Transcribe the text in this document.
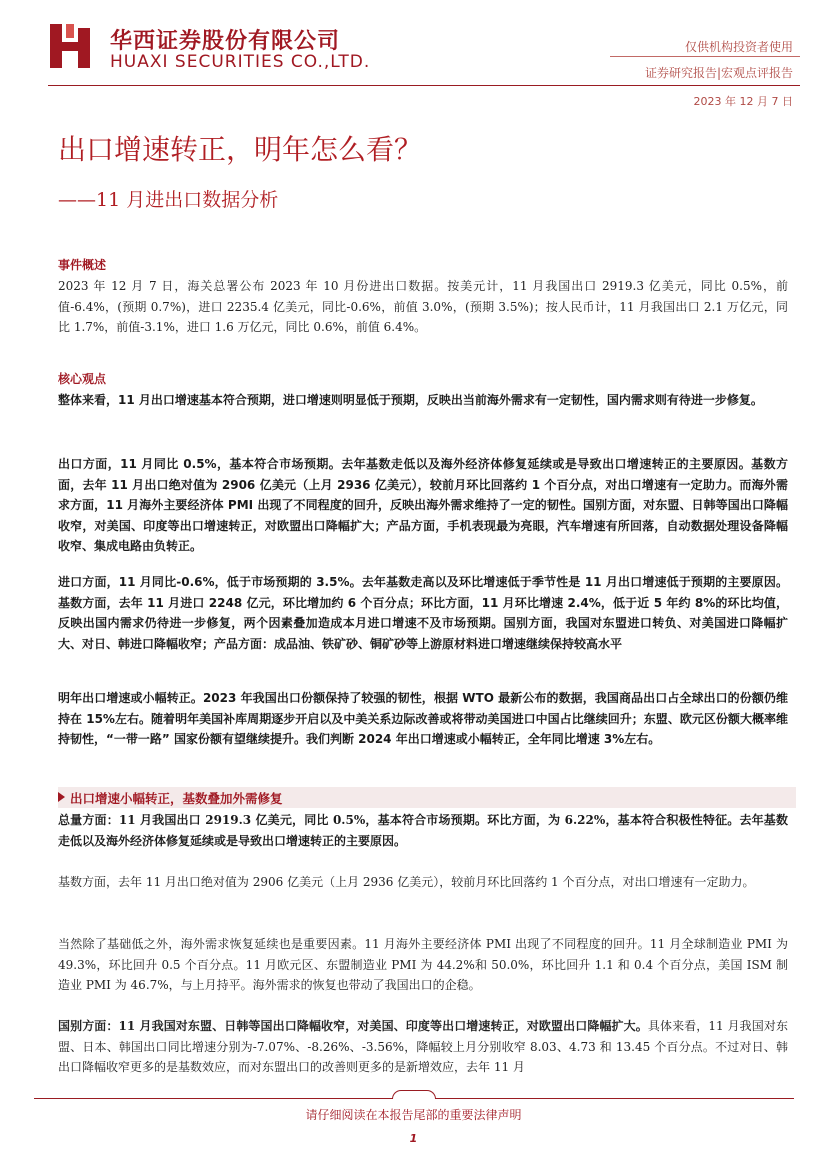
华西证券股份有限公司
HUAXI SECURITIES CO.,LTD.
仅供机构投资者使用
证券研究报告|宏观点评报告
2023 年 12 月 7 日
出口增速转正，明年怎么看？
——11 月进出口数据分析
事件概述
2023 年 12 月 7 日，海关总署公布 2023 年 10 月份进出口数据。按美元计，11 月我国出口 2919.3 亿美元，同比 0.5%，前值-6.4%，(预期 0.7%)，进口 2235.4 亿美元，同比-0.6%，前值 3.0%，(预期 3.5%)；按人民币计，11 月我国出口 2.1 万亿元，同比 1.7%，前值-3.1%，进口 1.6 万亿元，同比 0.6%，前值 6.4%。
核心观点
整体来看，11 月出口增速基本符合预期，进口增速则明显低于预期，反映出当前海外需求有一定韧性，国内需求则有待进一步修复。
出口方面，11 月同比 0.5%，基本符合市场预期。去年基数走低以及海外经济体修复延续或是导致出口增速转正的主要原因。基数方面，去年 11 月出口绝对值为 2906 亿美元（上月 2936 亿美元），较前月环比回落约 1 个百分点，对出口增速有一定助力。而海外需求方面，11 月海外主要经济体 PMI 出现了不同程度的回升，反映出海外需求维持了一定的韧性。国别方面，对东盟、日韩等国出口降幅收窄，对美国、印度等出口增速转正，对欧盟出口降幅扩大；产品方面，手机表现最为亮眼，汽车增速有所回落，自动数据处理设备降幅收窄、集成电路由负转正。
进口方面，11 月同比-0.6%，低于市场预期的 3.5%。去年基数走高以及环比增速低于季节性是 11 月出口增速低于预期的主要原因。基数方面，去年 11 月进口 2248 亿元，环比增加约 6 个百分点；环比方面，11 月环比增速 2.4%，低于近 5 年约 8%的环比均值，反映出国内需求仍待进一步修复，两个因素叠加造成本月进口增速不及市场预期。国别方面，我国对东盟进口转负、对美国进口降幅扩大、对日、韩进口降幅收窄；产品方面：成品油、铁矿砂、铜矿砂等上游原材料进口增速继续保持较高水平
明年出口增速或小幅转正。2023 年我国出口份额保持了较强的韧性，根据 WTO 最新公布的数据，我国商品出口占全球出口的份额仍维持在 15%左右。随着明年美国补库周期逐步开启以及中美关系边际改善或将带动美国进口中国占比继续回升；东盟、欧元区份额大概率维持韧性，“一带一路” 国家份额有望继续提升。我们判断 2024 年出口增速或小幅转正，全年同比增速 3%左右。
出口增速小幅转正，基数叠加外需修复
总量方面：11 月我国出口 2919.3 亿美元，同比 0.5%，基本符合市场预期。环比方面，为 6.22%，基本符合积极性特征。去年基数走低以及海外经济体修复延续或是导致出口增速转正的主要原因。
基数方面，去年 11 月出口绝对值为 2906 亿美元（上月 2936 亿美元），较前月环比回落约 1 个百分点，对出口增速有一定助力。
当然除了基础低之外，海外需求恢复延续也是重要因素。11 月海外主要经济体 PMI 出现了不同程度的回升。11 月全球制造业 PMI 为 49.3%，环比回升 0.5 个百分点。11 月欧元区、东盟制造业 PMI 为 44.2%和 50.0%，环比回升 1.1 和 0.4 个百分点，美国 ISM 制造业 PMI 为 46.7%，与上月持平。海外需求的恢复也带动了我国出口的企稳。
国别方面：11 月我国对东盟、日韩等国出口降幅收窄，对美国、印度等出口增速转正，对欧盟出口降幅扩大。具体来看，11 月我国对东盟、日本、韩国出口同比增速分别为-7.07%、-8.26%、-3.56%，降幅较上月分别收窄 8.03、4.73 和 13.45 个百分点。不过对日、韩出口降幅收窄更多的是基数效应，而对东盟出口的改善则更多的是新增效应，去年 11 月
请仔细阅读在本报告尾部的重要法律声明
1
